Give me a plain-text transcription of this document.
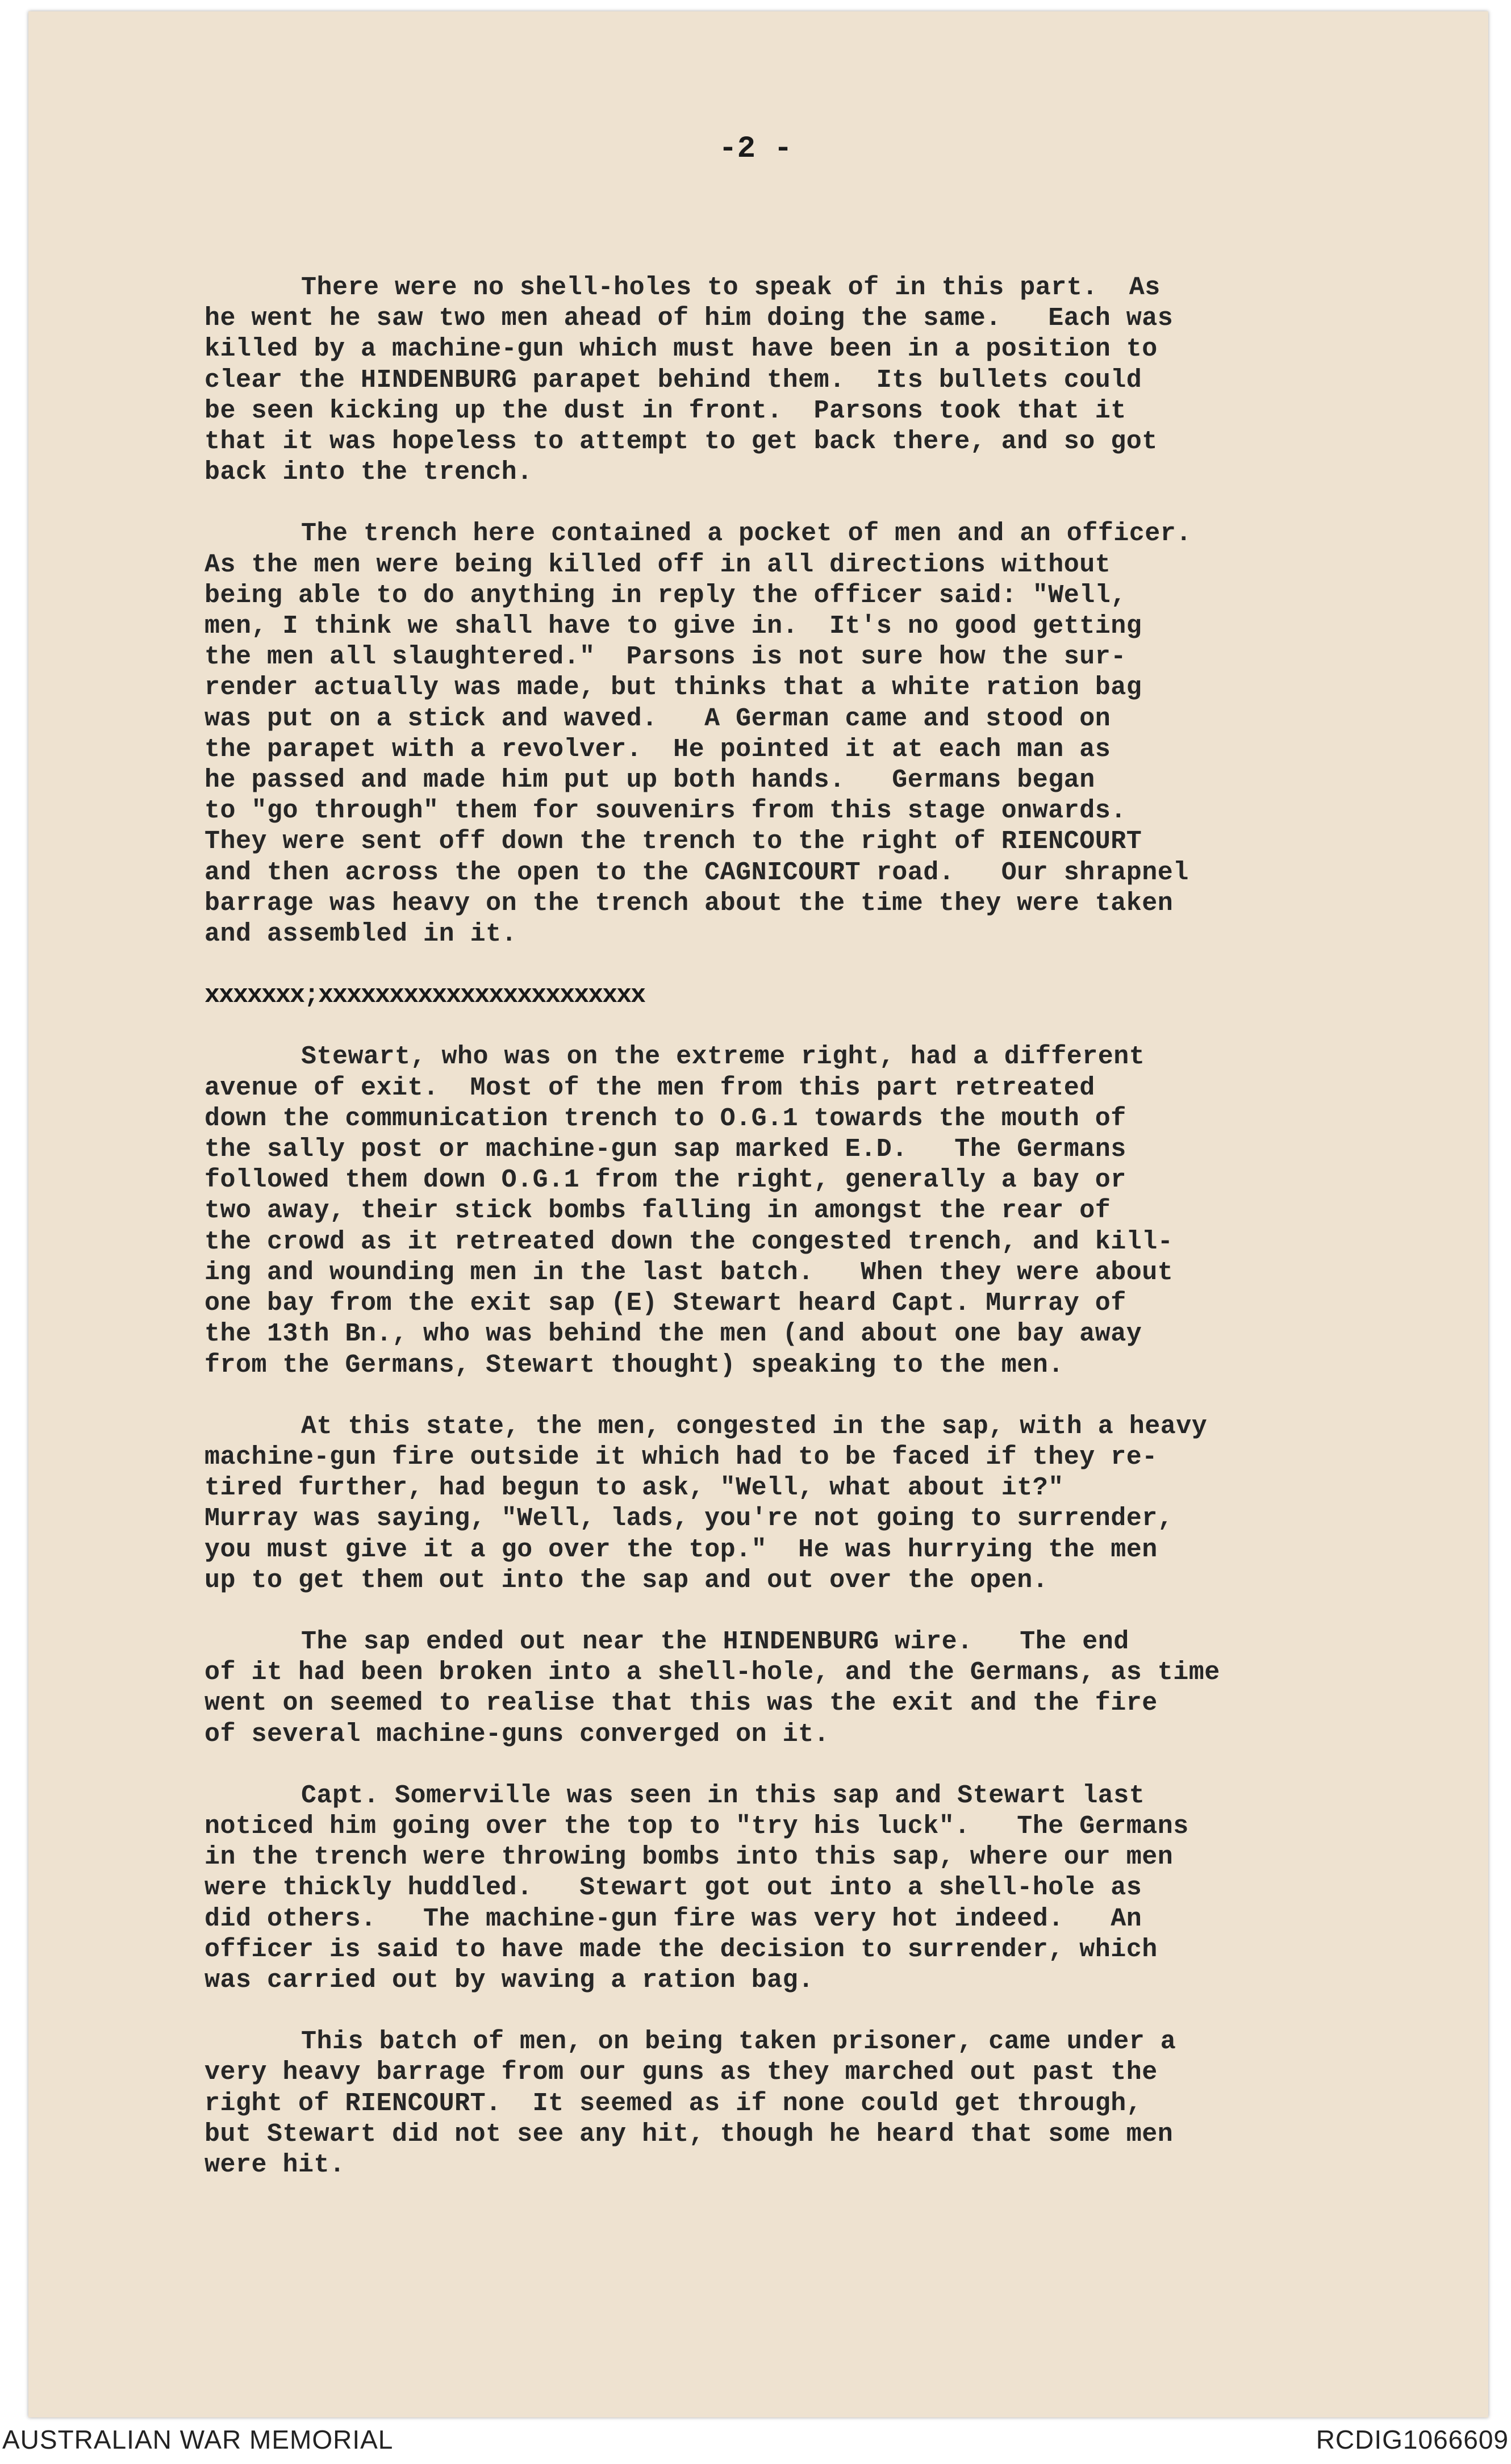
-2 -
There were no shell-holes to speak of in this part.  As
he went he saw two men ahead of him doing the same.   Each was
killed by a machine-gun which must have been in a position to
clear the HINDENBURG parapet behind them.  Its bullets could
be seen kicking up the dust in front.  Parsons took that it
that it was hopeless to attempt to get back there, and so got
back into the trench.
The trench here contained a pocket of men and an officer.
As the men were being killed off in all directions without
being able to do anything in reply the officer said: "Well,
men, I think we shall have to give in.  It's no good getting
the men all slaughtered."  Parsons is not sure how the sur-
render actually was made, but thinks that a white ration bag
was put on a stick and waved.   A German came and stood on
the parapet with a revolver.  He pointed it at each man as
he passed and made him put up both hands.   Germans began
to "go through" them for souvenirs from this stage onwards.
They were sent off down the trench to the right of RIENCOURT
and then across the open to the CAGNICOURT road.   Our shrapnel
barrage was heavy on the trench about the time they were taken
and assembled in it.
xxxxxxx;xxxxxxxxxxxxxxxxxxxxxxx
Stewart, who was on the extreme right, had a different
avenue of exit.  Most of the men from this part retreated
down the communication trench to O.G.1 towards the mouth of
the sally post or machine-gun sap marked E.D.   The Germans
followed them down O.G.1 from the right, generally a bay or
two away, their stick bombs falling in amongst the rear of
the crowd as it retreated down the congested trench, and kill-
ing and wounding men in the last batch.   When they were about
one bay from the exit sap (E) Stewart heard Capt. Murray of
the 13th Bn., who was behind the men (and about one bay away
from the Germans, Stewart thought) speaking to the men.
At this state, the men, congested in the sap, with a heavy
machine-gun fire outside it which had to be faced if they re-
tired further, had begun to ask, "Well, what about it?"
Murray was saying, "Well, lads, you're not going to surrender,
you must give it a go over the top."  He was hurrying the men
up to get them out into the sap and out over the open.
The sap ended out near the HINDENBURG wire.   The end
of it had been broken into a shell-hole, and the Germans, as time
went on seemed to realise that this was the exit and the fire
of several machine-guns converged on it.
Capt. Somerville was seen in this sap and Stewart last
noticed him going over the top to "try his luck".   The Germans
in the trench were throwing bombs into this sap, where our men
were thickly huddled.   Stewart got out into a shell-hole as
did others.   The machine-gun fire was very hot indeed.   An
officer is said to have made the decision to surrender, which
was carried out by waving a ration bag.
This batch of men, on being taken prisoner, came under a
very heavy barrage from our guns as they marched out past the
right of RIENCOURT.  It seemed as if none could get through,
but Stewart did not see any hit, though he heard that some men
were hit.
AUSTRALIAN WAR MEMORIAL	RCDIG1066609
